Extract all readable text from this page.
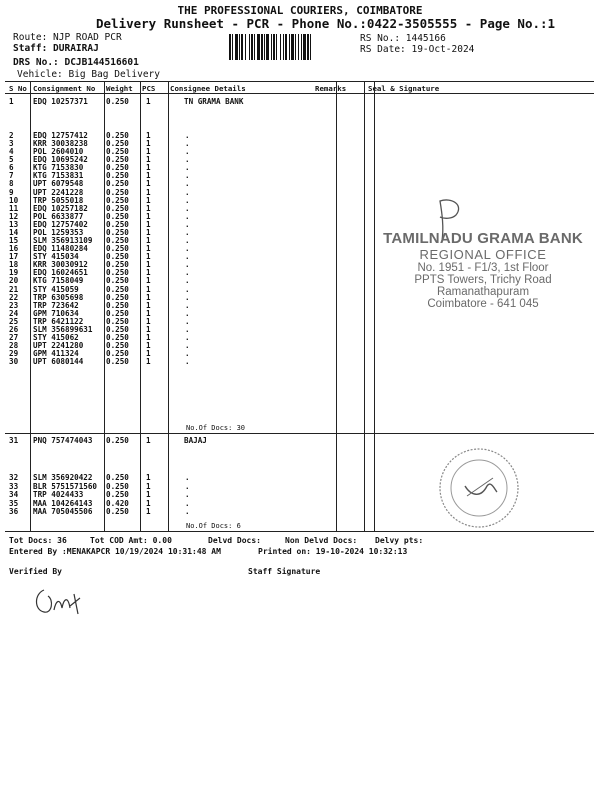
THE PROFESSIONAL COURIERS, COIMBATORE
Delivery Runsheet - PCR - Phone No.:0422-3505555 - Page No.:1
Route: NJP ROAD PCR
Staff: DURAIRAJ
DRS No.: DCJB144516601
Vehicle: Big Bag Delivery
RS No.: 1445166
RS Date: 19-Oct-2024
S No Consignment No Weight PCS Consignee Details	Remarks	Seal & Signature
1	EDQ 10257371 0.250 1	TN GRAMA BANK
2	EDQ 12757412 0.250 1	.
3	KRR 30038238 0.250 1	.
4	POL 2604010	0.250 1	.
5	EDQ 10695242 0.250 1	.
6	KTG 7153830	0.250 1	.
7	KTG 7153831	0.250 1	.
8	UPT 6079548	0.250 1	.
9	UPT 2241228	0.250 1	.
10 TRP 5055018	0.250 1	.
11 EDQ 10257182 0.250 1	.
12 POL 6633877	0.250 1	.
13 EDQ 12757402 0.250 1	.
14 POL 1259353	0.250 1	.
15 SLM 356913109 0.250 1	.
16 EDQ 11480284 0.250 1	.
17 STY 415034	0.250 1	.
18 KRR 30030912 0.250 1	.
19 EDQ 16024651 0.250 1	.
20 KTG 7158049	0.250 1	.
21 STY 415059	0.250 1	.
22 TRP 6305698	0.250 1	.
23 TRP 723642	0.250 1	.
24 GPM 710634	0.250 1	.
25 TRP 6421122	0.250 1	.
26 SLM 356899631 0.250 1	.
27 STY 415062	0.250 1	.
28 UPT 2241280	0.250 1	.
29 GPM 411324	0.250 1	.
30 UPT 6080144	0.250 1	.
No.Of Docs: 30
31 PNQ 757474043 0.250 1	BAJAJ
32 SLM 356920422 0.250 1	.
33 BLR 5751571560 0.250 1	.
34 TRP 4024433	0.250 1	.
35 MAA 104264143 0.420 1	.
36 MAA 705045506 0.250 1	.
No.Of Docs: 6
TAMILNADU GRAMA BANK
REGIONAL OFFICE
No. 1951 - F1/3, 1st Floor
PPTS Towers, Trichy Road
Ramanathapuram
Coimbatore - 641 045
Tot Docs: 36	Tot COD Amt: 0.00	Delvd Docs:	Non Delvd Docs: Delvy pts:
Entered By :MENAKAPCR 10/19/2024 10:31:48 AM	Printed on: 19-10-2024 10:32:13
Verified By	Staff Signature
